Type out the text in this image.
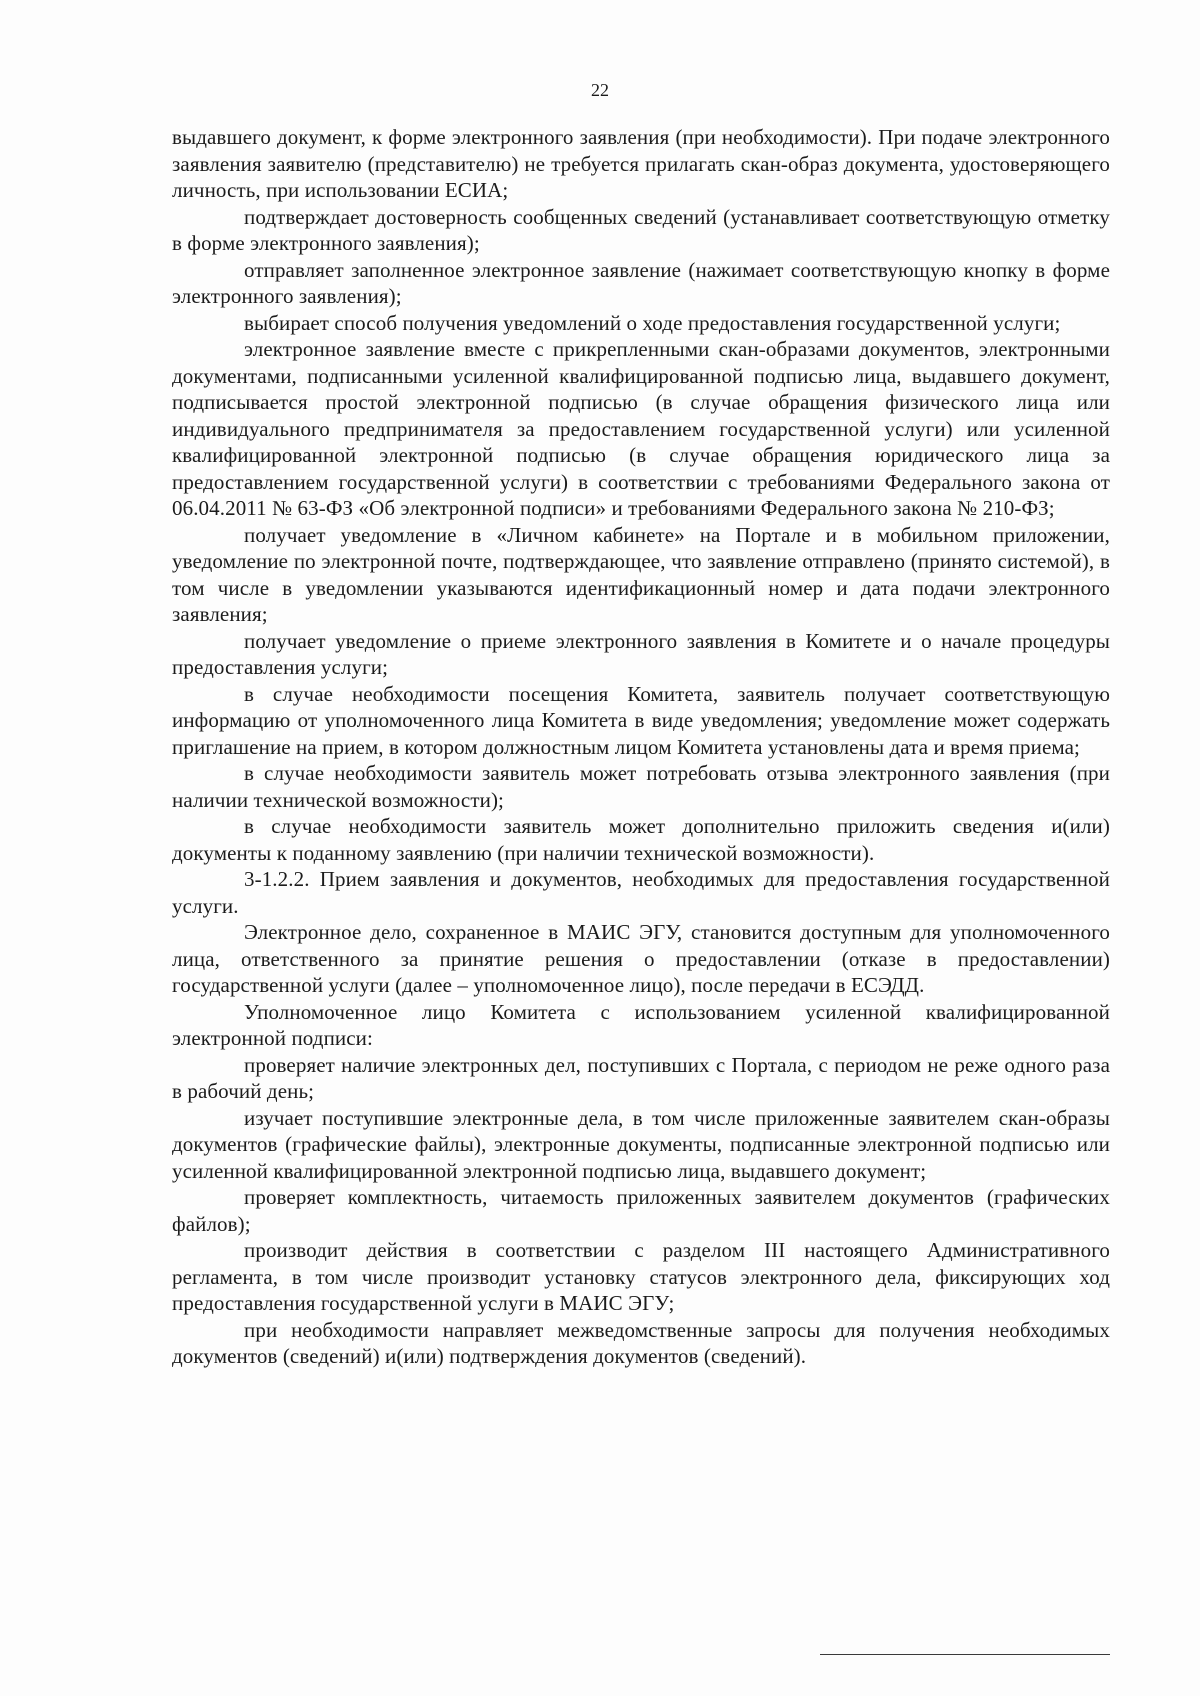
22

выдавшего документ, к форме электронного заявления (при необходимости). При подаче электронного заявления заявителю (представителю) не требуется прилагать скан-образ документа, удостоверяющего личность, при использовании ЕСИА;

подтверждает достоверность сообщенных сведений (устанавливает соответствующую отметку в форме электронного заявления);

отправляет заполненное электронное заявление (нажимает соответствующую кнопку в форме электронного заявления);

выбирает способ получения уведомлений о ходе предоставления государственной услуги;

электронное заявление вместе с прикрепленными скан-образами документов, электронными документами, подписанными усиленной квалифицированной подписью лица, выдавшего документ, подписывается простой электронной подписью (в случае обращения физического лица или индивидуального предпринимателя за предоставлением государственной услуги) или усиленной квалифицированной электронной подписью (в случае обращения юридического лица за предоставлением государственной услуги) в соответствии с требованиями Федерального закона от 06.04.2011 № 63-ФЗ «Об электронной подписи» и требованиями Федерального закона № 210-ФЗ;

получает уведомление в «Личном кабинете» на Портале и в мобильном приложении, уведомление по электронной почте, подтверждающее, что заявление отправлено (принято системой), в том числе в уведомлении указываются идентификационный номер и дата подачи электронного заявления;

получает уведомление о приеме электронного заявления в Комитете и о начале процедуры предоставления услуги;

в случае необходимости посещения Комитета, заявитель получает соответствующую информацию от уполномоченного лица Комитета в виде уведомления; уведомление может содержать приглашение на прием, в котором должностным лицом Комитета установлены дата и время приема;

в случае необходимости заявитель может потребовать отзыва электронного заявления (при наличии технической возможности);

в случае необходимости заявитель может дополнительно приложить сведения и(или) документы к поданному заявлению (при наличии технической возможности).

3-1.2.2. Прием заявления и документов, необходимых для предоставления государственной услуги.

Электронное дело, сохраненное в МАИС ЭГУ, становится доступным для уполномоченного лица, ответственного за принятие решения о предоставлении (отказе в предоставлении) государственной услуги (далее – уполномоченное лицо), после передачи в ЕСЭДД.

Уполномоченное лицо Комитета с использованием усиленной квалифицированной электронной подписи:

проверяет наличие электронных дел, поступивших с Портала, с периодом не реже одного раза в рабочий день;

изучает поступившие электронные дела, в том числе приложенные заявителем скан-образы документов (графические файлы), электронные документы, подписанные электронной подписью или усиленной квалифицированной электронной подписью лица, выдавшего документ;

проверяет комплектность, читаемость приложенных заявителем документов (графических файлов);

производит действия в соответствии с разделом III настоящего Административного регламента, в том числе производит установку статусов электронного дела, фиксирующих ход предоставления государственной услуги в МАИС ЭГУ;

при необходимости направляет межведомственные запросы для получения необходимых документов (сведений) и(или) подтверждения документов (сведений).
